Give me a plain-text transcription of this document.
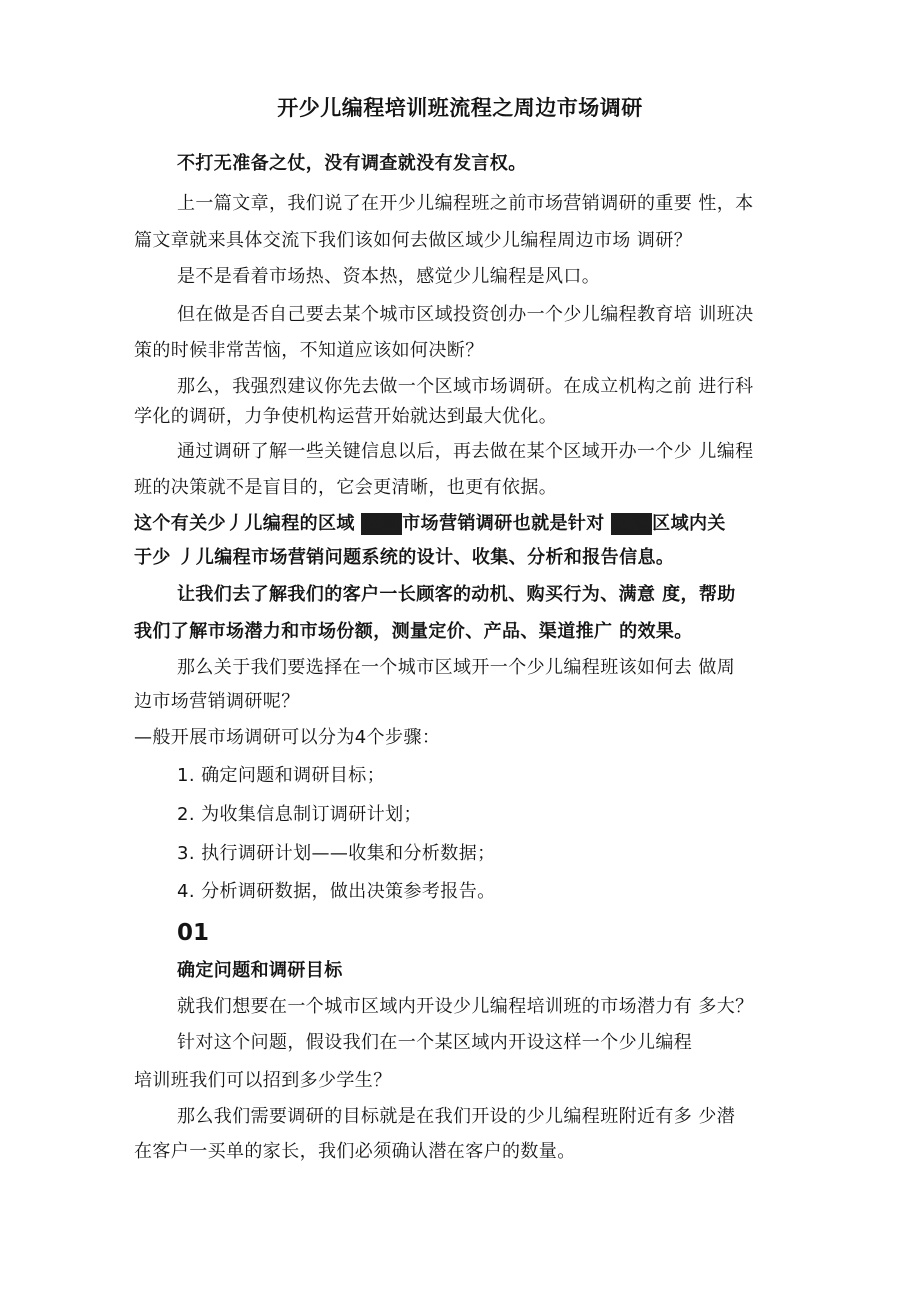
开少儿编程培训班流程之周边市场调研
不打无准备之仗，没有调查就没有发言权。
上一篇文章，我们说了在开少儿编程班之前市场营销调研的重要 性，本
篇文章就来具体交流下我们该如何去做区域少儿编程周边市场 调研？
是不是看着市场热、资本热，感觉少儿编程是风口。
但在做是否自己要去某个城市区域投资创办一个少儿编程教育培 训班决
策的时候非常苦恼，不知道应该如何决断？
那么，我强烈建议你先去做一个区域市场调研。在成立机构之前 进行科
学化的调研，力争使机构运营开始就达到最大优化。
通过调研了解一些关键信息以后，再去做在某个区域开办一个少 儿编程
班的决策就不是盲目的，它会更清晰，也更有依据。
这个有关少丿儿编程的区域 区域 市场营销调研也就是针对 区域 区域内关
于少 丿儿编程市场营销问题系统的设计、收集、分析和报告信息。
让我们去了解我们的客户一长顾客的动机、购买行为、满意 度，帮助
我们了解市场潜力和市场份额，测量定价、产品、渠道推广 的效果。
那么关于我们要选择在一个城市区域开一个少儿编程班该如何去 做周
边市场营销调研呢？
—般开展市场调研可以分为4个步骤：
1. 确定问题和调研目标；
2. 为收集信息制订调研计划；
3. 执行调研计划——收集和分析数据；
4. 分析调研数据，做出决策参考报告。
01
确定问题和调研目标
就我们想要在一个城市区域内开设少儿编程培训班的市场潜力有 多大？
针对这个问题，假设我们在一个某区域内开设这样一个少儿编程
培训班我们可以招到多少学生？
那么我们需要调研的目标就是在我们开设的少儿编程班附近有多 少潜
在客户一买单的家长，我们必须确认潜在客户的数量。
